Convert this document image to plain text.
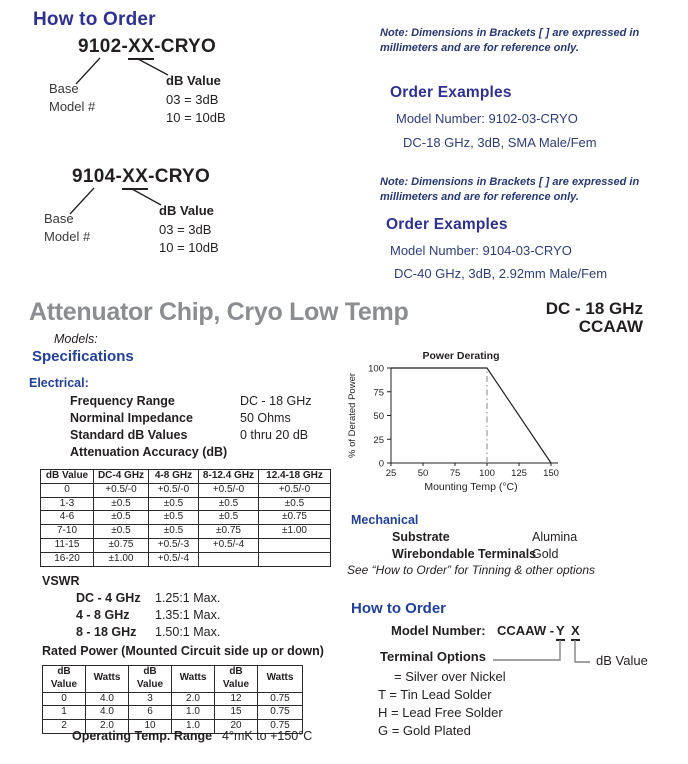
How to Order
9102-XX-CRYO
Base
Model #
dB Value
03 = 3dB
10 = 10dB
9104-XX-CRYO
Base
Model #
dB Value
03 = 3dB
10 = 10dB
Note: Dimensions in Brackets [ ] are expressed in
millimeters and are for reference only.
Order Examples
Model Number: 9102-03-CRYO
DC-18 GHz, 3dB, SMA Male/Fem
Note: Dimensions in Brackets [ ] are expressed in
millimeters and are for reference only.
Order Examples
Model Number: 9104-03-CRYO
DC-40 GHz, 3dB, 2.92mm Male/Fem
Attenuator Chip, Cryo Low Temp	DC - 18 GHz
CCAAW
Models:
Specifications
Electrical:
Frequency Range	DC - 18 GHz
Norminal Impedance	50 Ohms
Standard dB Values	0 thru 20 dB
Attenuation Accuracy (dB)
dB Value	DC-4 GHz	4-8 GHz	8-12.4 GHz	12.4-18 GHz
0	+0.5/-0	+0.5/-0	+0.5/-0	+0.5/-0
1-3	±0.5	±0.5	±0.5	±0.5
4-6	±0.5	±0.5	±0.5	±0.75
7-10	±0.5	±0.5	±0.75	±1.00
11-15	±0.75	+0.5/-3	+0.5/-4	
16-20	±1.00	+0.5/-4		
VSWR
DC - 4 GHz 1.25:1 Max.
4 - 8 GHz 1.35:1 Max.
8 - 18 GHz 1.50:1 Max.
Rated Power (Mounted Circuit side up or down)
dB Value	Watts	dB Value	Watts	dB Value	Watts
0	4.0	3	2.0	12	0.75
1	4.0	6	1.0	15	0.75
2	2.0	10	1.0	20	0.75
Operating Temp. Range 4°mK to +150°C
25 50 75 100 125 150
0
25
50
75
100
Power Derating
Mounting Temp (°C)
% of Derated Power
Mechanical
Substrate	Alumina
Wirebondable Terminals
Gold
See “How to Order” for Tinning & other options
How to Order
Model Number: CCAAW - Y X
Terminal Options
= Silver over Nickel
T = Tin Lead Solder
H = Lead Free Solder
G = Gold Plated
dB Value
